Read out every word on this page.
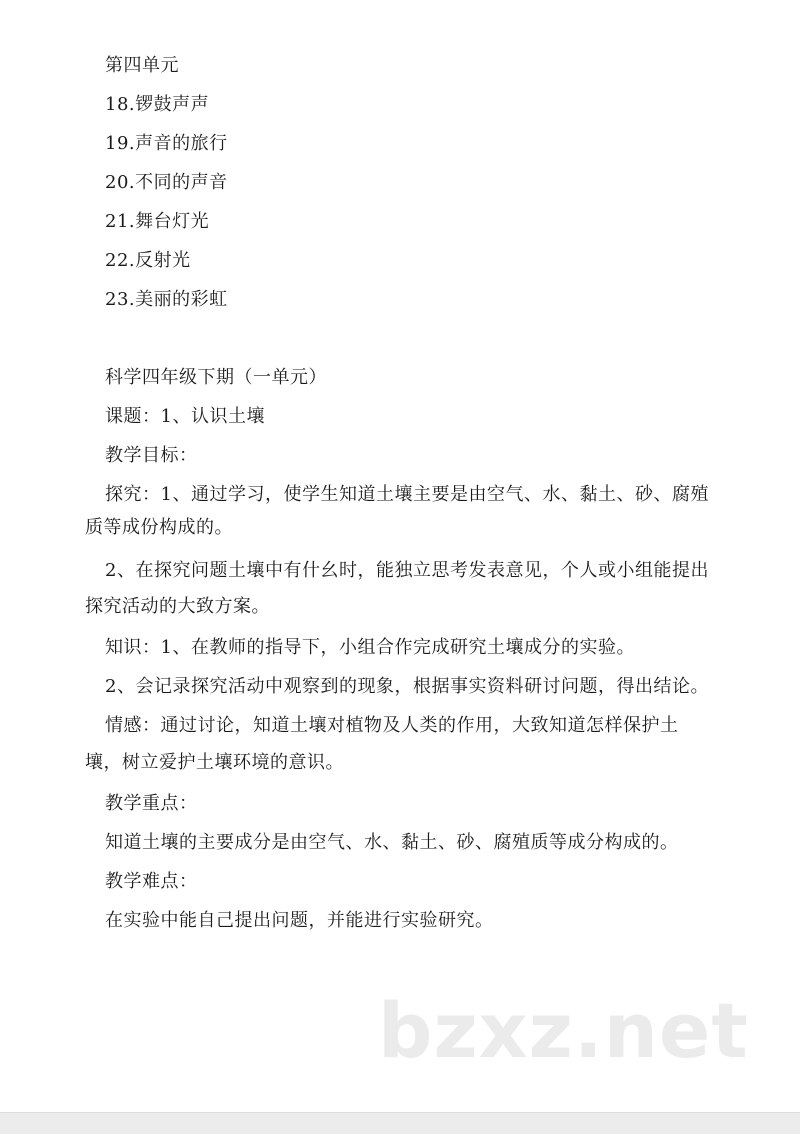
第四单元
18.锣鼓声声
19.声音的旅行
20.不同的声音
21.舞台灯光
22.反射光
23.美丽的彩虹
科学四年级下期（一单元）
课题：1、认识土壤
教学目标：
探究：1、通过学习，使学生知道土壤主要是由空气、水、黏土、砂、腐殖
质等成份构成的。
2、在探究问题土壤中有什幺时，能独立思考发表意见，个人或小组能提出
探究活动的大致方案。
知识：1、在教师的指导下，小组合作完成研究土壤成分的实验。
2、会记录探究活动中观察到的现象，根据事实资料研讨问题，得出结论。
情感：通过讨论，知道土壤对植物及人类的作用，大致知道怎样保护土
壤，树立爱护土壤环境的意识。
教学重点：
知道土壤的主要成分是由空气、水、黏土、砂、腐殖质等成分构成的。
教学难点：
在实验中能自己提出问题，并能进行实验研究。
bzxz.net
